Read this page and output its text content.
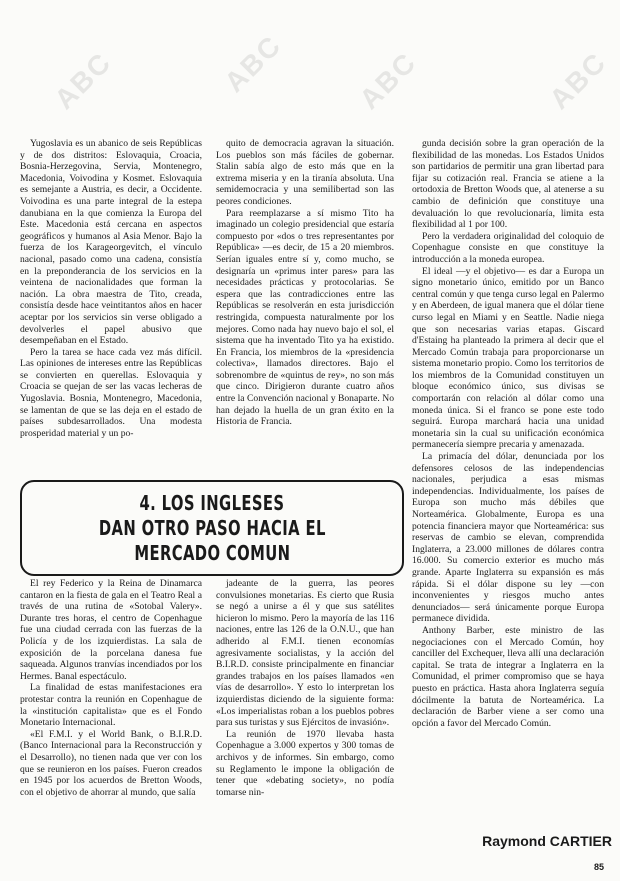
ABC	ABC ABC	ABC

Yugoslavia es un abanico de seis Repúblicas y de dos distritos: Eslovaquia, Croacia, Bosnia-Herzegovina, Servia, Montenegro, Macedonia, Voivodina y Kosmet. Eslovaquia es semejante a Austria, es decir, a Occidente. Voivodina es una parte integral de la estepa danubiana en la que comienza la Europa del Este. Macedonia está cercana en aspectos geográficos y humanos al Asia Menor. Bajo la fuerza de los Karageorgevitch, el vínculo nacional, pasado como una cadena, consistía en la preponderancia de los servicios en la veintena de nacionalidades que forman la nación. La obra maestra de Tito, creada, consistía desde hace veintitantos años en hacer aceptar por los servicios sin verse obligado a devolverles el papel abusivo que desempeñaban en el Estado.

Pero la tarea se hace cada vez más difícil. Las opiniones de intereses entre las Repúblicas se convierten en querellas. Eslovaquia y Croacia se quejan de ser las vacas lecheras de Yugoslavia. Bosnia, Montenegro, Macedonia, se lamentan de que se las deja en el estado de países subdesarrollados. Una modesta prosperidad material y un po-

quito de democracia agravan la situación. Los pueblos son más fáciles de gobernar. Stalin sabía algo de esto más que en la extrema miseria y en la tiranía absoluta. Una semidemocracia y una semilibertad son las peores condiciones.

Para reemplazarse a sí mismo Tito ha imaginado un colegio presidencial que estaría compuesto por «dos o tres representantes por República» —es decir, de 15 a 20 miembros. Serían iguales entre sí y, como mucho, se designaría un «primus inter pares» para las necesidades prácticas y protocolarias. Se espera que las contradicciones entre las Repúblicas se resolverán en esta jurisdicción restringida, compuesta naturalmente por los mejores. Como nada hay nuevo bajo el sol, el sistema que ha inventado Tito ya ha existido. En Francia, los miembros de la «presidencia colectiva», llamados directores. Bajo el sobrenombre de «quintus de rey», no son más que cinco. Dirigieron durante cuatro años entre la Convención nacional y Bonaparte. No han dejado la huella de un gran éxito en la Historia de Francia.

gunda decisión sobre la gran operación de la flexibilidad de las monedas. Los Estados Unidos son partidarios de permitir una gran libertad para fijar su cotización real. Francia se atiene a la ortodoxia de Bretton Woods que, al atenerse a su cambio de definición que constituye una devaluación lo que revolucionaría, limita esta flexibilidad al 1 por 100.

Pero la verdadera originalidad del coloquio de Copenhague consiste en que constituye la introducción a la moneda europea.

El ideal —y el objetivo— es dar a Europa un signo monetario único, emitido por un Banco central común y que tenga curso legal en Palermo y en Aberdeen, de igual manera que el dólar tiene curso legal en Miami y en Seattle. Nadie niega que son necesarias varias etapas. Giscard d'Estaing ha planteado la primera al decir que el Mercado Común trabaja para proporcionarse un sistema monetario propio. Como los territorios de los miembros de la Comunidad constituyen un bloque económico único, sus divisas se comportarán con relación al dólar como una moneda única. Si el franco se pone este todo seguirá. Europa marchará hacia una unidad monetaria sin la cual su unificación económica permanecería siempre precaria y amenazada.

La primacía del dólar, denunciada por los defensores celosos de las independencias nacionales, perjudica a esas mismas independencias. Individualmente, los países de Europa son mucho más débiles que Norteamérica. Globalmente, Europa es una potencia financiera mayor que Norteamérica: sus reservas de cambio se elevan, comprendida Inglaterra, a 23.000 millones de dólares contra 16.000. Su comercio exterior es mucho más grande. Aparte Inglaterra su expansión es más rápida. Si el dólar dispone su ley —con inconvenientes y riesgos mucho antes denunciados— será únicamente porque Europa permanece dividida.

Anthony Barber, este ministro de las negociaciones con el Mercado Común, hoy canciller del Exchequer, lleva allí una declaración capital. Se trata de integrar a Inglaterra en la Comunidad, el primer compromiso que se haya puesto en práctica. Hasta ahora Inglaterra seguía dócilmente la batuta de Norteamérica. La declaración de Barber viene a ser como una opción a favor del Mercado Común.

4. LOS INGLESES
DAN OTRO PASO HACIA EL
MERCADO COMUN

El rey Federico y la Reina de Dinamarca cantaron en la fiesta de gala en el Teatro Real a través de una rutina de «Sotobal Valery». Durante tres horas, el centro de Copenhague fue una ciudad cerrada con las fuerzas de la Policía y de los izquierdistas. La sala de exposición de la porcelana danesa fue saqueada. Algunos tranvías incendiados por los Hermes. Banal espectáculo.

La finalidad de estas manifestaciones era protestar contra la reunión en Copenhague de la «institución capitalista» que es el Fondo Monetario Internacional.

«El F.M.I. y el World Bank, o B.I.R.D. (Banco Internacional para la Reconstrucción y el Desarrollo), no tienen nada que ver con los que se reunieron en los países. Fueron creados en 1945 por los acuerdos de Bretton Woods, con el objetivo de ahorrar al mundo, que salía

jadeante de la guerra, las peores convulsiones monetarias. Es cierto que Rusia se negó a unirse a él y que sus satélites hicieron lo mismo. Pero la mayoría de las 116 naciones, entre las 126 de la O.N.U., que han adherido al F.M.I. tienen economías agresivamente socialistas, y la acción del B.I.R.D. consiste principalmente en financiar grandes trabajos en los países llamados «en vías de desarrollo». Y esto lo interpretan los izquierdistas diciendo de la siguiente forma: «Los imperialistas roban a los pueblos pobres para sus turistas y sus Ejércitos de invasión».

La reunión de 1970 llevaba hasta Copenhague a 3.000 expertos y 300 tomas de archivos y de informes. Sin embargo, como su Reglamento le impone la obligación de tener que «debating society», no podía tomarse nin-

Raymond CARTIER
85
